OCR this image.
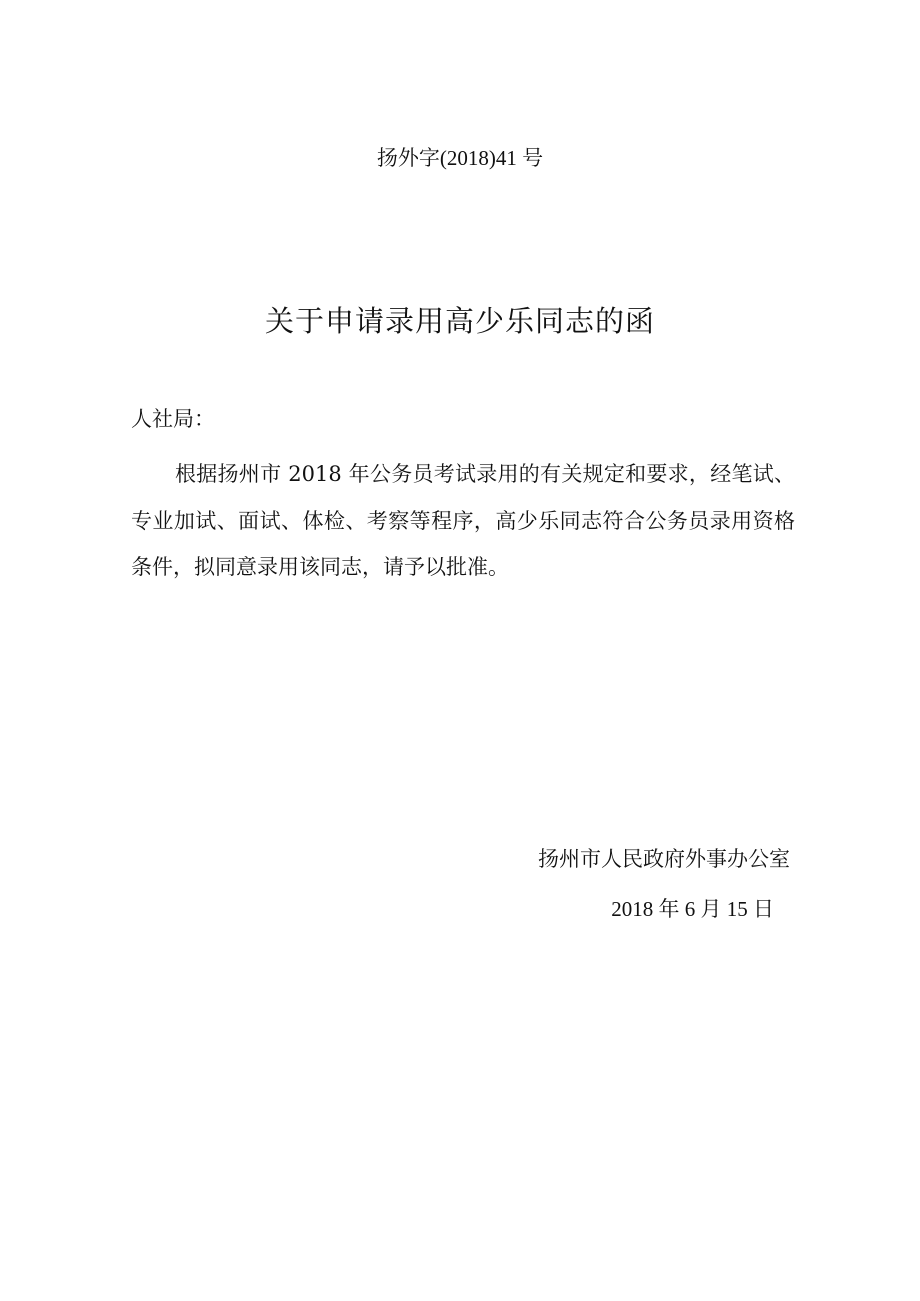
扬外字(2018)41 号
关于申请录用高少乐同志的函
人社局：

根据扬州市 2018 年公务员考试录用的有关规定和要求，经笔试、专业加试、面试、体检、考察等程序，高少乐同志符合公务员录用资格条件，拟同意录用该同志，请予以批准。

扬州市人民政府外事办公室
2018 年 6 月 15 日
